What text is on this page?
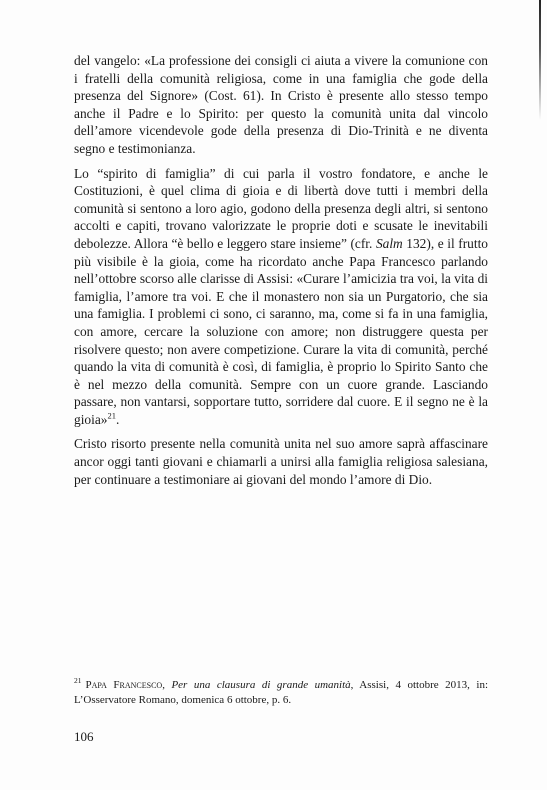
del vangelo: «La professione dei consigli ci aiuta a vivere la comunione con i fratelli della comunità religiosa, come in una famiglia che gode della presenza del Signore» (Cost. 61). In Cristo è presente allo stesso tempo anche il Padre e lo Spirito: per questo la comunità unita dal vincolo dell’amore vicendevole gode della presenza di Dio-Trinità e ne diventa segno e testimonianza.

Lo “spirito di famiglia” di cui parla il vostro fondatore, e anche le Costituzioni, è quel clima di gioia e di libertà dove tutti i membri della comunità si sentono a loro agio, godono della presenza degli altri, si sentono accolti e capiti, trovano valorizzate le proprie doti e scusate le inevitabili debolezze. Allora “è bello e leggero stare insieme” (cfr. Salm 132), e il frutto più visibile è la gioia, come ha ricordato anche Papa Francesco parlando nell’ottobre scorso alle clarisse di Assisi: «Curare l’amicizia tra voi, la vita di famiglia, l’amore tra voi. E che il monastero non sia un Purgatorio, che sia una famiglia. I problemi ci sono, ci saranno, ma, come si fa in una famiglia, con amore, cercare la soluzione con amore; non distruggere questa per risolvere questo; non avere competizione. Curare la vita di comunità, perché quando la vita di comunità è così, di famiglia, è proprio lo Spirito Santo che è nel mezzo della comunità. Sempre con un cuore grande. Lasciando passare, non vantarsi, sopportare tutto, sorridere dal cuore. E il segno ne è la gioia»$^{21}$.

Cristo risorto presente nella comunità unita nel suo amore saprà affascinare ancor oggi tanti giovani e chiamarli a unirsi alla famiglia religiosa salesiana, per continuare a testimoniare ai giovani del mondo l’amore di Dio.

$^{21}$ Papa Francesco, Per una clausura di grande umanità, Assisi, 4 ottobre 2013, in: L’Osservatore Romano, domenica 6 ottobre, p. 6.
106
